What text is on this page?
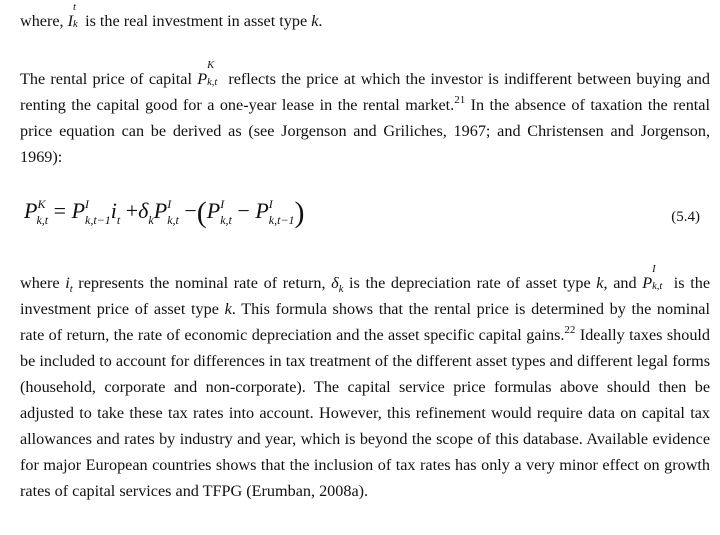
where, I
t
k is the real investment in asset type k.

The rental price of capital P
K
k,t reflects the price at which the investor is indifferent between buying and renting the capital good for a one-year lease in the rental market.$^{21}$ In the absence of taxation the rental price equation can be derived as (see Jorgenson and Griliches, 1967; and Christensen and Jorgenson, 1969):

$P^K_{k,t} = P^I_{k,t-1}i_t +\delta_kP^I_{k,t} -(P^I_{k,t} - P^I_{k,t-1})$	(5.4)

where $i_t$ represents the nominal rate of return, $\delta_k$ is the depreciation rate of asset type k, and P
I
k,t is the investment price of asset type k. This formula shows that the rental price is determined by the nominal rate of return, the rate of economic depreciation and the asset specific capital gains.$^{22}$ Ideally taxes should be included to account for differences in tax treatment of the different asset types and different legal forms (household, corporate and non-corporate). The capital service price formulas above should then be adjusted to take these tax rates into account. However, this refinement would require data on capital tax allowances and rates by industry and year, which is beyond the scope of this database. Available evidence for major European countries shows that the inclusion of tax rates has only a very minor effect on growth rates of capital services and TFPG (Erumban, 2008a).
